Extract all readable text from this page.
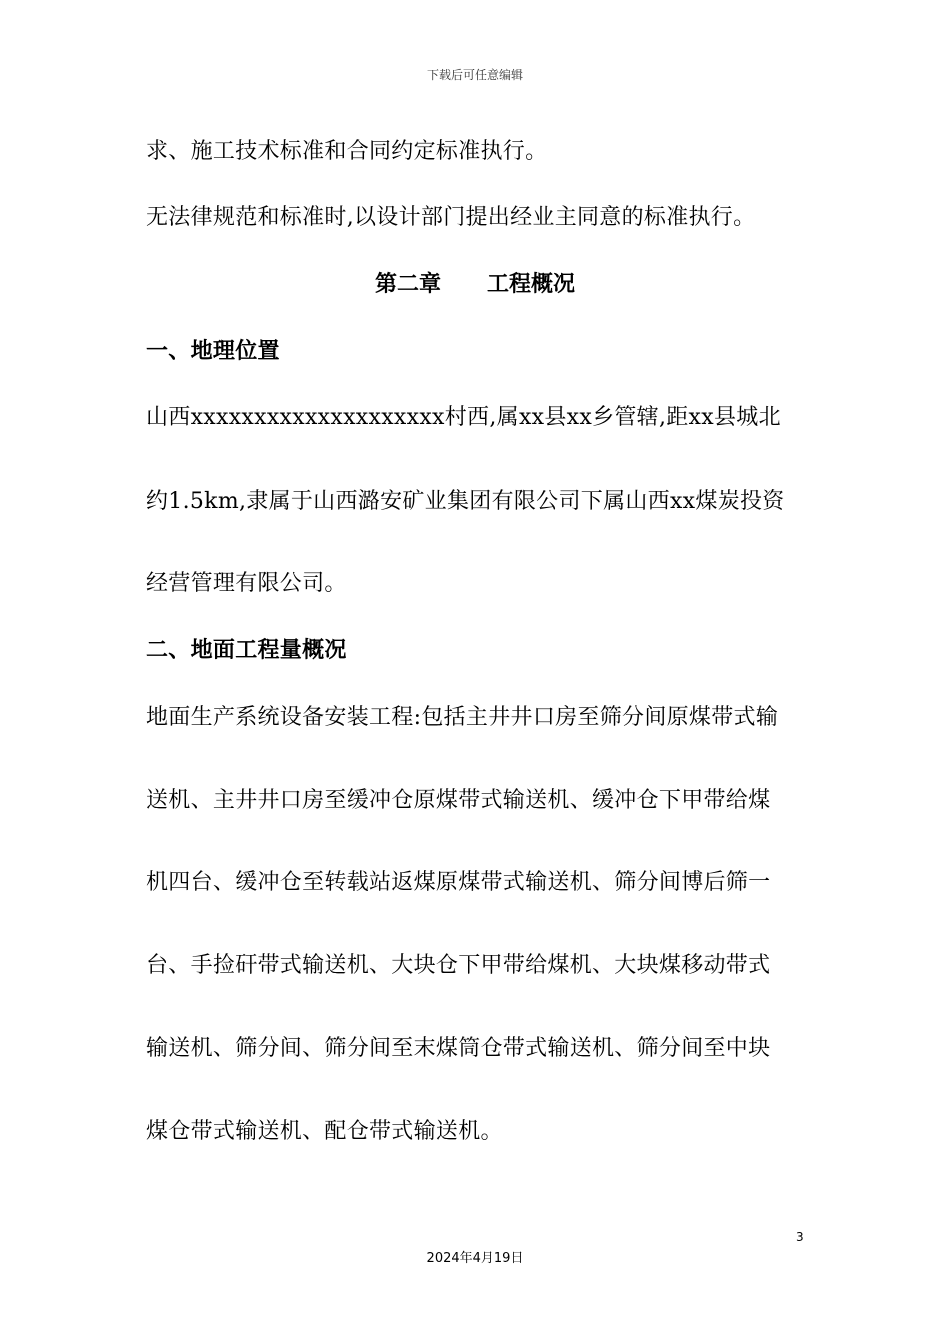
下载后可任意编辑
求、施工技术标准和合同约定标准执行。
无法律规范和标准时,以设计部门提出经业主同意的标准执行。
第二章      工程概况
一、地理位置
山西xxxxxxxxxxxxxxxxxxxx村西,属xx县xx乡管辖,距xx县城北
约1.5km,隶属于山西潞安矿业集团有限公司下属山西xx煤炭投资
经营管理有限公司。
二、地面工程量概况
地面生产系统设备安装工程:包括主井井口房至筛分间原煤带式输
送机、主井井口房至缓冲仓原煤带式输送机、缓冲仓下甲带给煤
机四台、缓冲仓至转载站返煤原煤带式输送机、筛分间博后筛一
台、手捡矸带式输送机、大块仓下甲带给煤机、大块煤移动带式
输送机、筛分间、筛分间至末煤筒仓带式输送机、筛分间至中块
煤仓带式输送机、配仓带式输送机。
3
2024年4月19日
